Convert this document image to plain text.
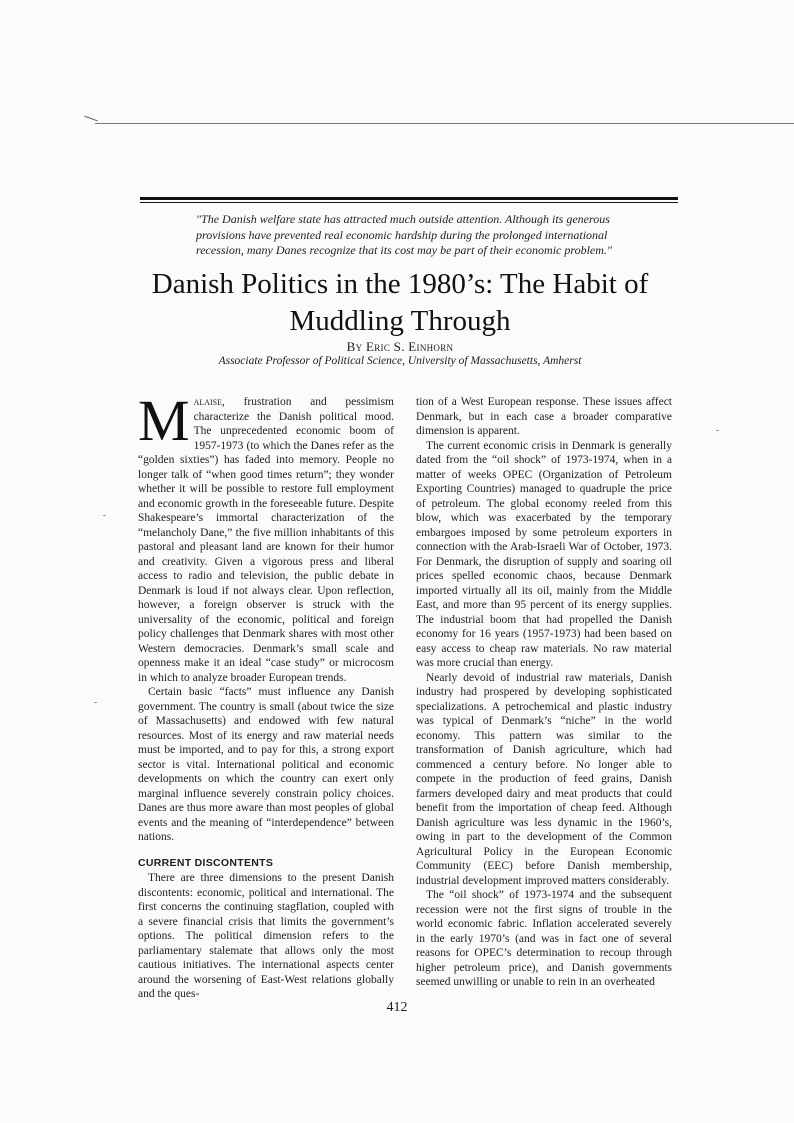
"The Danish welfare state has attracted much outside attention. Although its generous provisions have prevented real economic hardship during the prolonged international recession, many Danes recognize that its cost may be part of their economic problem."
Danish Politics in the 1980’s: The Habit of Muddling Through
By Eric S. Einhorn
Associate Professor of Political Science, University of Massachusetts, Amherst

Malaise, frustration and pessimism characterize the Danish political mood. The unprecedented economic boom of 1957-1973 (to which the Danes refer as the “golden sixties”) has faded into memory. People no longer talk of “when good times return”; they wonder whether it will be possible to restore full employment and economic growth in the foreseeable future. Despite Shakespeare’s immortal characterization of the “melancholy Dane,” the five million inhabitants of this pastoral and pleasant land are known for their humor and creativity. Given a vigorous press and liberal access to radio and television, the public debate in Denmark is loud if not always clear. Upon reflection, however, a foreign observer is struck with the universality of the economic, political and foreign policy challenges that Denmark shares with most other Western democracies. Denmark’s small scale and openness make it an ideal “case study” or microcosm in which to analyze broader European trends.

Certain basic “facts” must influence any Danish government. The country is small (about twice the size of Massachusetts) and endowed with few natural resources. Most of its energy and raw material needs must be imported, and to pay for this, a strong export sector is vital. International political and economic developments on which the country can exert only marginal influence severely constrain policy choices. Danes are thus more aware than most peoples of global events and the meaning of “interdependence” between nations.

CURRENT DISCONTENTS

There are three dimensions to the present Danish discontents: economic, political and international. The first concerns the continuing stagflation, coupled with a severe financial crisis that limits the government’s options. The political dimension refers to the parliamentary stalemate that allows only the most cautious initiatives. The international aspects center around the worsening of East-West relations globally and the ques-

tion of a West European response. These issues affect Denmark, but in each case a broader comparative dimension is apparent.

The current economic crisis in Denmark is generally dated from the “oil shock” of 1973-1974, when in a matter of weeks OPEC (Organization of Petroleum Exporting Countries) managed to quadruple the price of petroleum. The global economy reeled from this blow, which was exacerbated by the temporary embargoes imposed by some petroleum exporters in connection with the Arab-Israeli War of October, 1973. For Denmark, the disruption of supply and soaring oil prices spelled economic chaos, because Denmark imported virtually all its oil, mainly from the Middle East, and more than 95 percent of its energy supplies. The industrial boom that had propelled the Danish economy for 16 years (1957-1973) had been based on easy access to cheap raw materials. No raw material was more crucial than energy.

Nearly devoid of industrial raw materials, Danish industry had prospered by developing sophisticated specializations. A petrochemical and plastic industry was typical of Denmark’s “niche” in the world economy. This pattern was similar to the transformation of Danish agriculture, which had commenced a century before. No longer able to compete in the production of feed grains, Danish farmers developed dairy and meat products that could benefit from the importation of cheap feed. Although Danish agriculture was less dynamic in the 1960’s, owing in part to the development of the Common Agricultural Policy in the European Economic Community (EEC) before Danish membership, industrial development improved matters considerably.

The “oil shock” of 1973-1974 and the subsequent recession were not the first signs of trouble in the world economic fabric. Inflation accelerated severely in the early 1970’s (and was in fact one of several reasons for OPEC’s determination to recoup through higher petroleum price), and Danish governments seemed unwilling or unable to rein in an overheated

412
